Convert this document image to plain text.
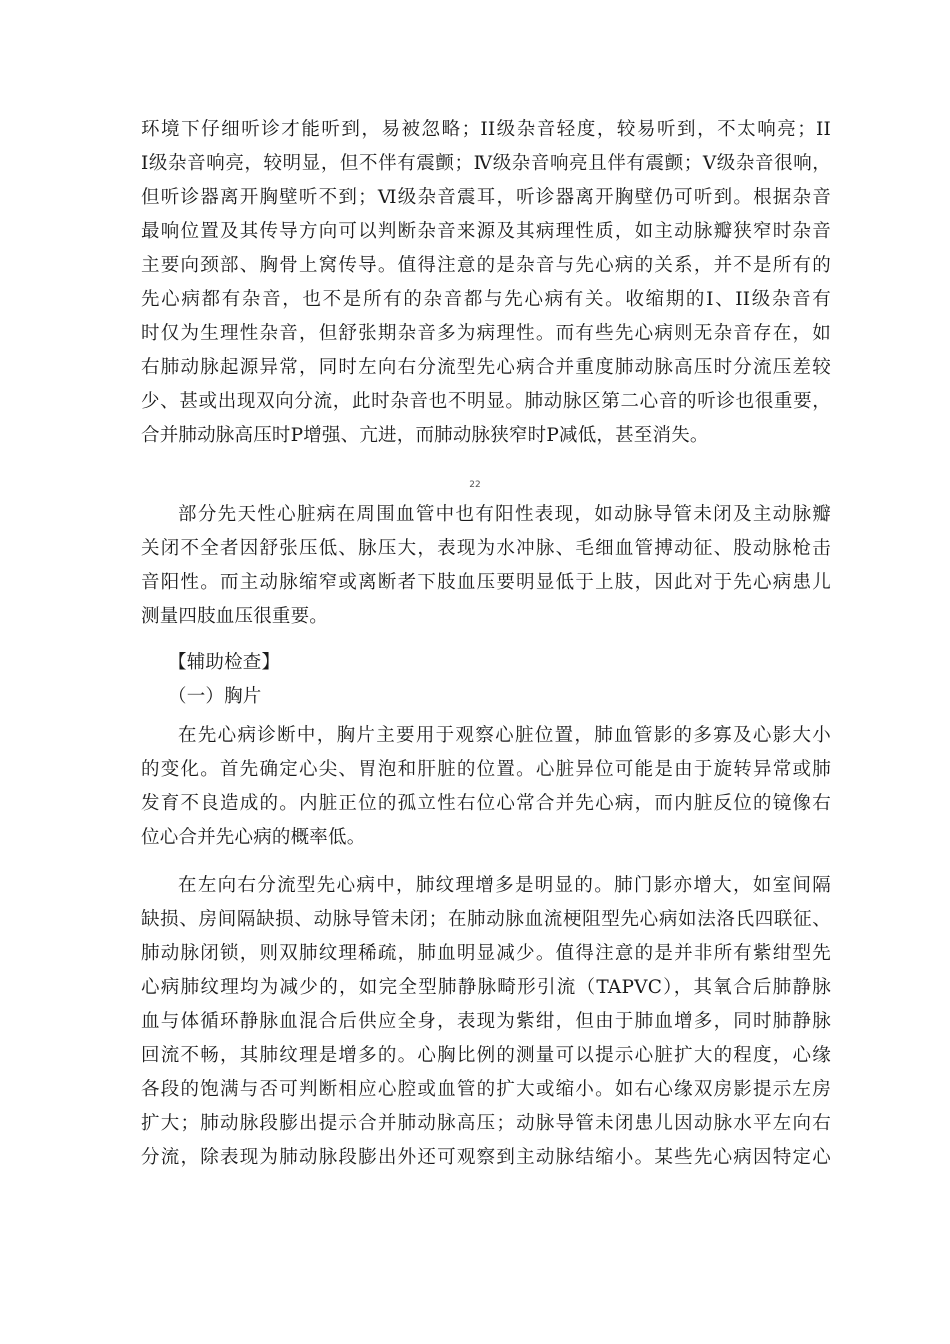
环境下仔细听诊才能听到，易被忽略；II级杂音轻度，较易听到，不太响亮；II
I级杂音响亮，较明显，但不伴有震颤；Ⅳ级杂音响亮且伴有震颤；Ⅴ级杂音很响，
但听诊器离开胸壁听不到；Ⅵ级杂音震耳，听诊器离开胸壁仍可听到。根据杂音
最响位置及其传导方向可以判断杂音来源及其病理性质，如主动脉瓣狭窄时杂音
主要向颈部、胸骨上窝传导。值得注意的是杂音与先心病的关系，并不是所有的
先心病都有杂音，也不是所有的杂音都与先心病有关。收缩期的I、II级杂音有
时仅为生理性杂音，但舒张期杂音多为病理性。而有些先心病则无杂音存在，如
右肺动脉起源异常，同时左向右分流型先心病合并重度肺动脉高压时分流压差较
少、甚或出现双向分流，此时杂音也不明显。肺动脉区第二心音的听诊也很重要，
合并肺动脉高压时P增强、亢进，而肺动脉狭窄时P减低，甚至消失。
22
部分先天性心脏病在周围血管中也有阳性表现，如动脉导管未闭及主动脉瓣
关闭不全者因舒张压低、脉压大，表现为水冲脉、毛细血管搏动征、股动脉枪击
音阳性。而主动脉缩窄或离断者下肢血压要明显低于上肢，因此对于先心病患儿
测量四肢血压很重要。
【辅助检查】
（一）胸片
在先心病诊断中，胸片主要用于观察心脏位置，肺血管影的多寡及心影大小
的变化。首先确定心尖、胃泡和肝脏的位置。心脏异位可能是由于旋转异常或肺
发育不良造成的。内脏正位的孤立性右位心常合并先心病，而内脏反位的镜像右
位心合并先心病的概率低。
在左向右分流型先心病中，肺纹理增多是明显的。肺门影亦增大，如室间隔
缺损、房间隔缺损、动脉导管未闭；在肺动脉血流梗阻型先心病如法洛氏四联征、
肺动脉闭锁，则双肺纹理稀疏，肺血明显减少。值得注意的是并非所有紫绀型先
心病肺纹理均为减少的，如完全型肺静脉畸形引流（TAPVC），其氧合后肺静脉
血与体循环静脉血混合后供应全身，表现为紫绀，但由于肺血增多，同时肺静脉
回流不畅，其肺纹理是增多的。心胸比例的测量可以提示心脏扩大的程度，心缘
各段的饱满与否可判断相应心腔或血管的扩大或缩小。如右心缘双房影提示左房
扩大；肺动脉段膨出提示合并肺动脉高压；动脉导管未闭患儿因动脉水平左向右
分流，除表现为肺动脉段膨出外还可观察到主动脉结缩小。某些先心病因特定心
